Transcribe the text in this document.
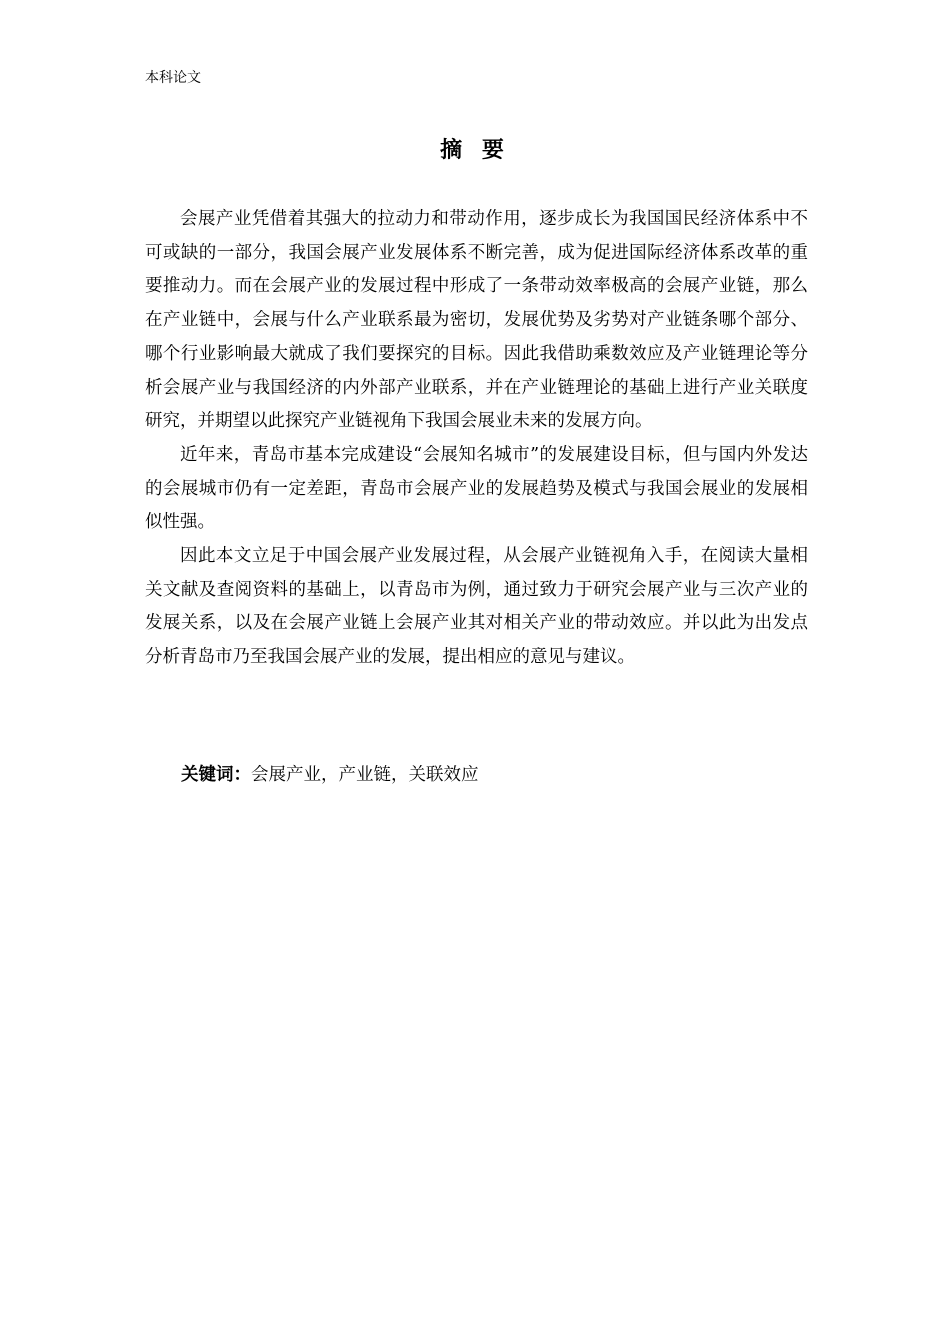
本科论文
摘 要

会展产业凭借着其强大的拉动力和带动作用，逐步成长为我国国民经济体系中不可或缺的一部分，我国会展产业发展体系不断完善，成为促进国际经济体系改革的重要推动力。而在会展产业的发展过程中形成了一条带动效率极高的会展产业链，那么在产业链中，会展与什么产业联系最为密切，发展优势及劣势对产业链条哪个部分、哪个行业影响最大就成了我们要探究的目标。因此我借助乘数效应及产业链理论等分析会展产业与我国经济的内外部产业联系，并在产业链理论的基础上进行产业关联度研究，并期望以此探究产业链视角下我国会展业未来的发展方向。

近年来，青岛市基本完成建设“会展知名城市”的发展建设目标，但与国内外发达的会展城市仍有一定差距，青岛市会展产业的发展趋势及模式与我国会展业的发展相似性强。

因此本文立足于中国会展产业发展过程，从会展产业链视角入手，在阅读大量相关文献及查阅资料的基础上，以青岛市为例，通过致力于研究会展产业与三次产业的发展关系，以及在会展产业链上会展产业其对相关产业的带动效应。并以此为出发点分析青岛市乃至我国会展产业的发展，提出相应的意见与建议。

关键词：会展产业，产业链，关联效应
